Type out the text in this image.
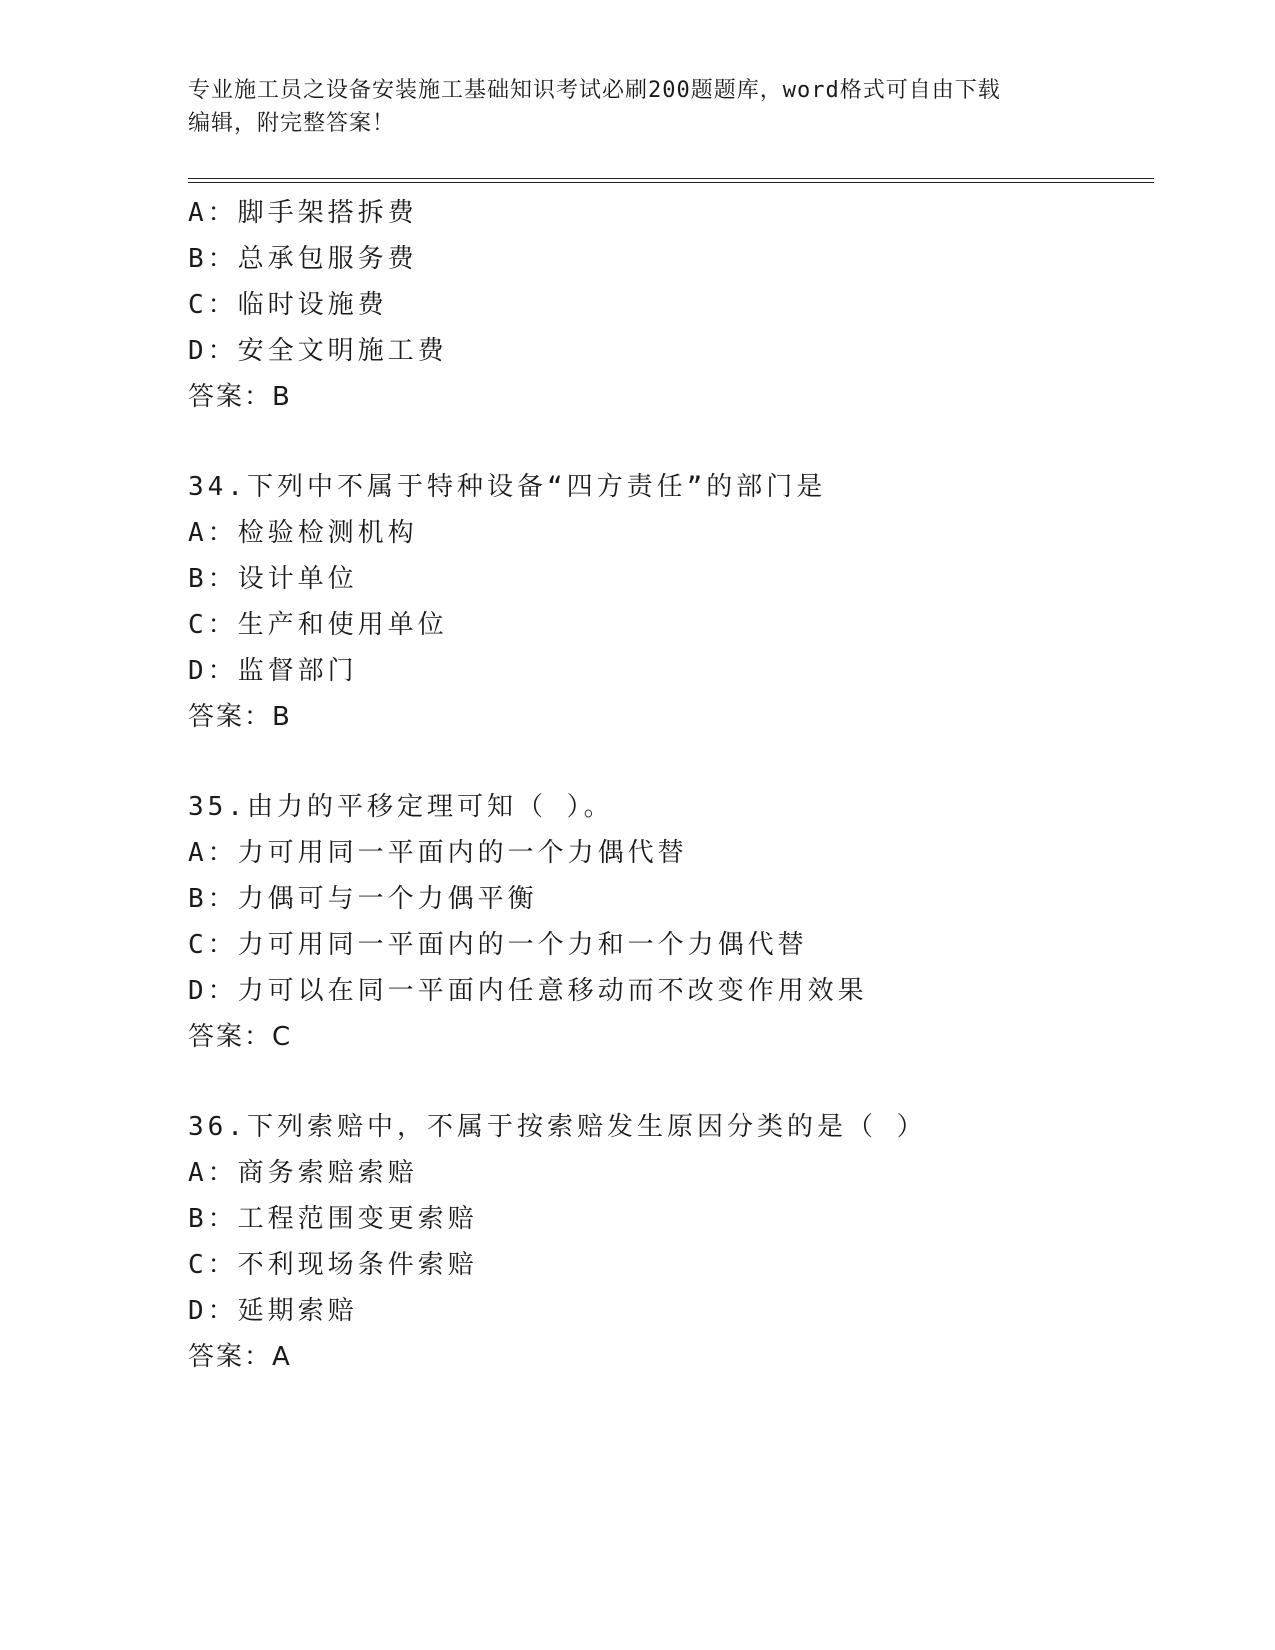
专业施工员之设备安装施工基础知识考试必刷200题题库，word格式可自由下载
编辑，附完整答案！
A：脚手架搭拆费
B：总承包服务费
C：临时设施费
D：安全文明施工费
答案：B
34.下列中不属于特种设备“四方责任”的部门是
A：检验检测机构
B：设计单位
C：生产和使用单位
D：监督部门
答案：B
35.由力的平移定理可知（ ）。
A：力可用同一平面内的一个力偶代替
B：力偶可与一个力偶平衡
C：力可用同一平面内的一个力和一个力偶代替
D：力可以在同一平面内任意移动而不改变作用效果
答案：C
36.下列索赔中，不属于按索赔发生原因分类的是（ ）
A：商务索赔索赔
B：工程范围变更索赔
C：不利现场条件索赔
D：延期索赔
答案：A
